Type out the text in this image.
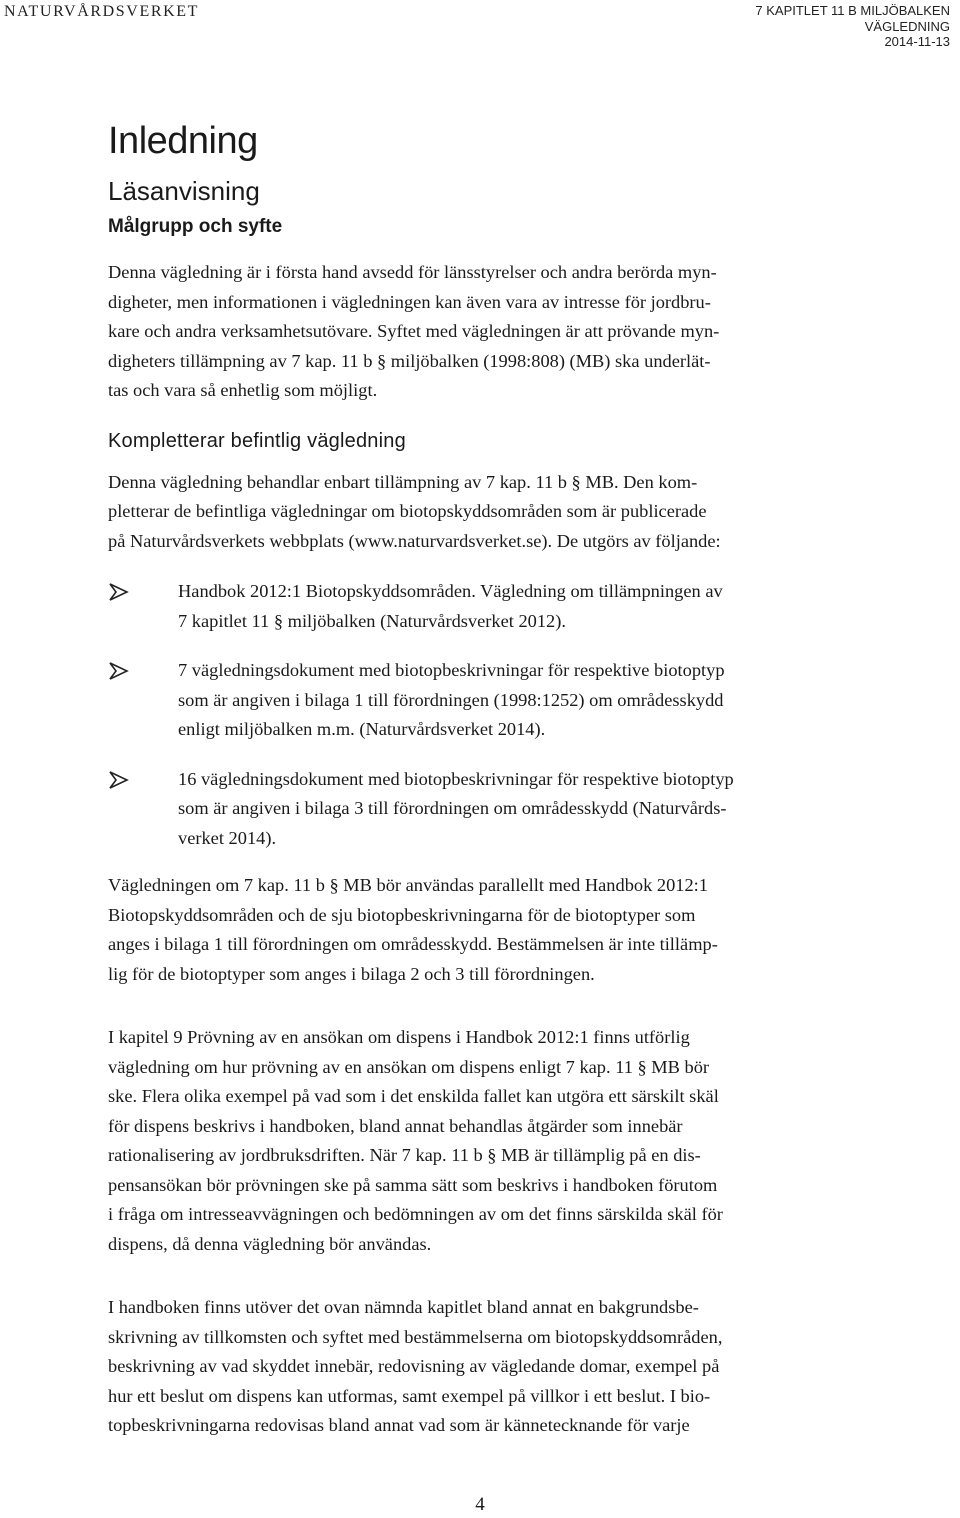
NATURVÅRDSVERKET	7 KAPITLET 11 B MILJÖBALKEN
VÄGLEDNING
2014-11-13
Inledning
Läsanvisning
Målgrupp och syfte

Denna vägledning är i första hand avsedd för länsstyrelser och andra berörda myn-
digheter, men informationen i vägledningen kan även vara av intresse för jordbru-
kare och andra verksamhetsutövare. Syftet med vägledningen är att prövande myn-
digheters tillämpning av 7 kap. 11 b § miljöbalken (1998:808) (MB) ska underlät-
tas och vara så enhetlig som möjligt.

Kompletterar befintlig vägledning

Denna vägledning behandlar enbart tillämpning av 7 kap. 11 b § MB. Den kom-
pletterar de befintliga vägledningar om biotopskyddsområden som är publicerade
på Naturvårdsverkets webbplats (www.naturvardsverket.se). De utgörs av följande:

Handbok 2012:1 Biotopskyddsområden. Vägledning om tillämpningen av
7 kapitlet 11 § miljöbalken (Naturvårdsverket 2012).
7 vägledningsdokument med biotopbeskrivningar för respektive biotoptyp
som är angiven i bilaga 1 till förordningen (1998:1252) om områdesskydd
enligt miljöbalken m.m. (Naturvårdsverket 2014).
16 vägledningsdokument med biotopbeskrivningar för respektive biotoptyp
som är angiven i bilaga 3 till förordningen om områdesskydd (Naturvårds-
verket 2014).

Vägledningen om 7 kap. 11 b § MB bör användas parallellt med Handbok 2012:1
Biotopskyddsområden och de sju biotopbeskrivningarna för de biotoptyper som
anges i bilaga 1 till förordningen om områdesskydd. Bestämmelsen är inte tillämp-
lig för de biotoptyper som anges i bilaga 2 och 3 till förordningen.

I kapitel 9 Prövning av en ansökan om dispens i Handbok 2012:1 finns utförlig
vägledning om hur prövning av en ansökan om dispens enligt 7 kap. 11 § MB bör
ske. Flera olika exempel på vad som i det enskilda fallet kan utgöra ett särskilt skäl
för dispens beskrivs i handboken, bland annat behandlas åtgärder som innebär
rationalisering av jordbruksdriften. När 7 kap. 11 b § MB är tillämplig på en dis-
pensansökan bör prövningen ske på samma sätt som beskrivs i handboken förutom
i fråga om intresseavvägningen och bedömningen av om det finns särskilda skäl för
dispens, då denna vägledning bör användas.

I handboken finns utöver det ovan nämnda kapitlet bland annat en bakgrundsbe-
skrivning av tillkomsten och syftet med bestämmelserna om biotopskyddsområden,
beskrivning av vad skyddet innebär, redovisning av vägledande domar, exempel på
hur ett beslut om dispens kan utformas, samt exempel på villkor i ett beslut. I bio-
topbeskrivningarna redovisas bland annat vad som är kännetecknande för varje

4
